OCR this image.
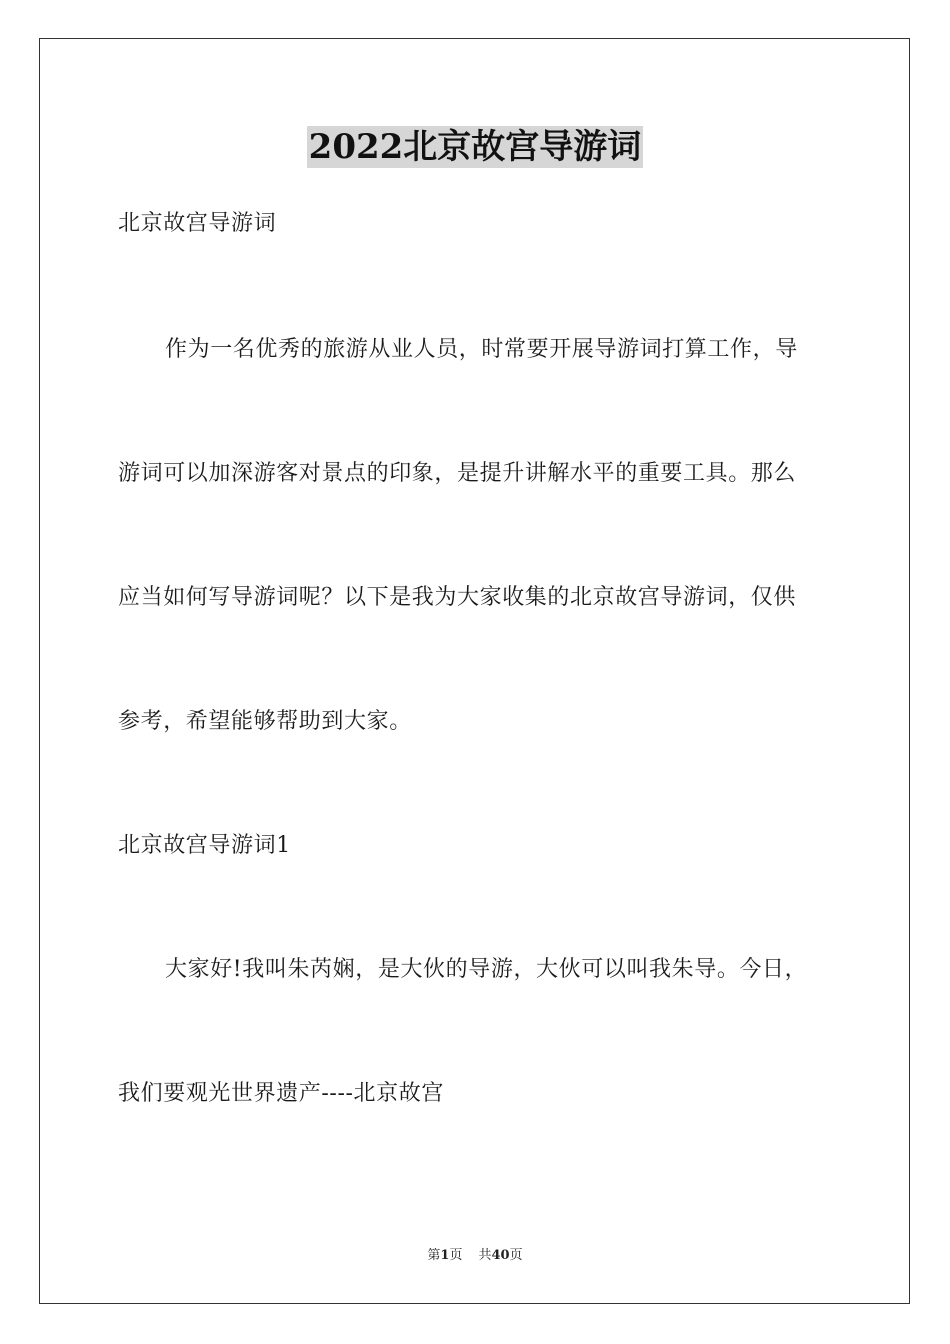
2022北京故宫导游词
北京故宫导游词
作为一名优秀的旅游从业人员，时常要开展导游词打算工作，导
游词可以加深游客对景点的印象，是提升讲解水平的重要工具。那么
应当如何写导游词呢？以下是我为大家收集的北京故宫导游词，仅供
参考，希望能够帮助到大家。
北京故宫导游词1
大家好!我叫朱芮娴，是大伙的导游，大伙可以叫我朱导。今日，
我们要观光世界遗产----北京故宫
第1页 共40页
